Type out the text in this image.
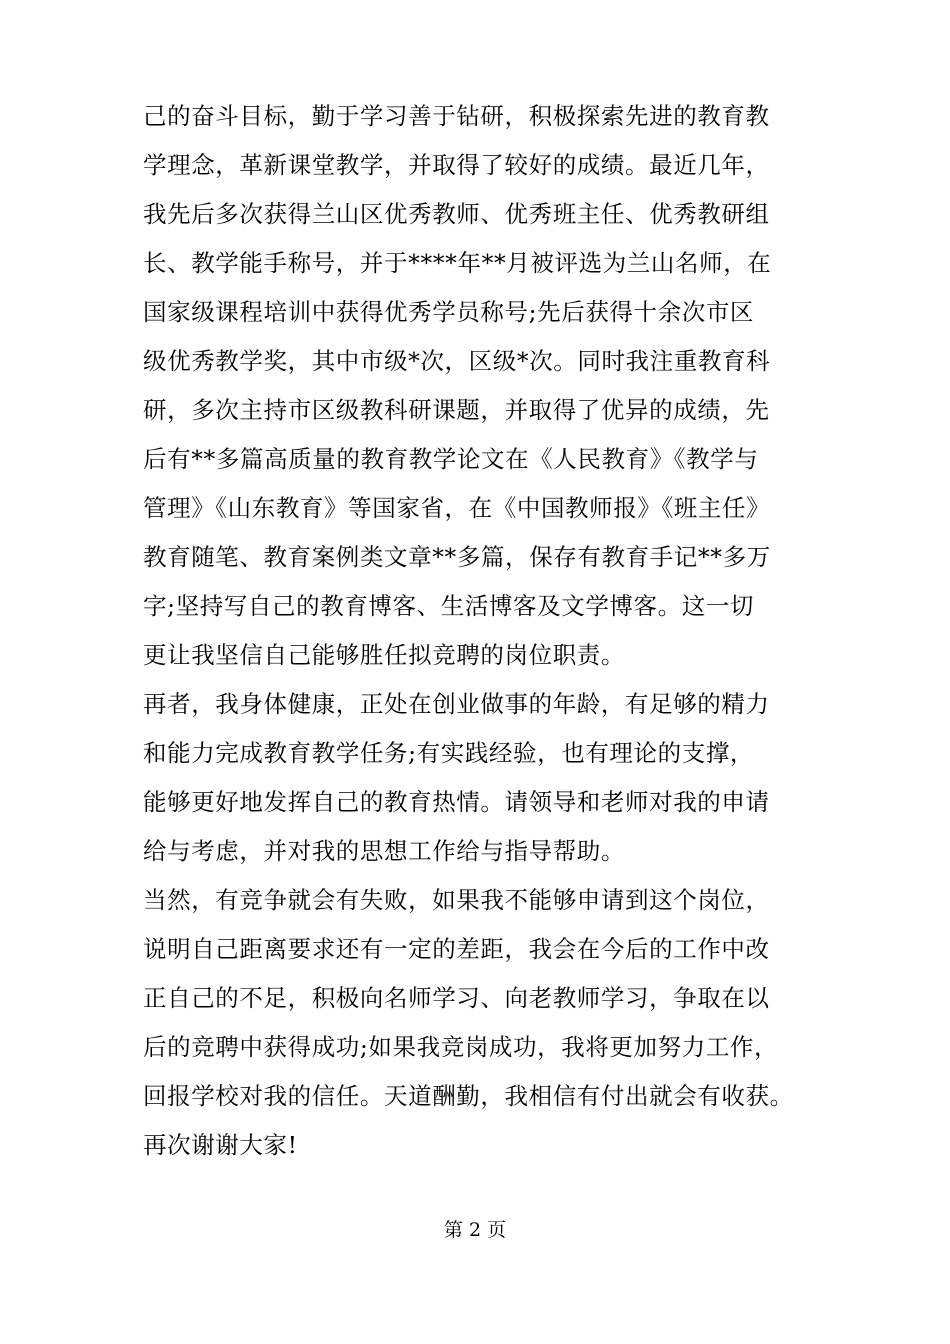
己的奋斗目标，勤于学习善于钻研，积极探索先进的教育教
学理念，革新课堂教学，并取得了较好的成绩。最近几年，
我先后多次获得兰山区优秀教师、优秀班主任、优秀教研组
长、教学能手称号，并于****年**月被评选为兰山名师，在
国家级课程培训中获得优秀学员称号;先后获得十余次市区
级优秀教学奖，其中市级*次，区级*次。同时我注重教育科
研，多次主持市区级教科研课题，并取得了优异的成绩，先
后有**多篇高质量的教育教学论文在《人民教育》《教学与
管理》《山东教育》等国家省，在《中国教师报》《班主任》
教育随笔、教育案例类文章**多篇，保存有教育手记**多万
字;坚持写自己的教育博客、生活博客及文学博客。这一切
更让我坚信自己能够胜任拟竞聘的岗位职责。
再者，我身体健康，正处在创业做事的年龄，有足够的精力
和能力完成教育教学任务;有实践经验，也有理论的支撑，
能够更好地发挥自己的教育热情。请领导和老师对我的申请
给与考虑，并对我的思想工作给与指导帮助。
当然，有竞争就会有失败，如果我不能够申请到这个岗位，
说明自己距离要求还有一定的差距，我会在今后的工作中改
正自己的不足，积极向名师学习、向老教师学习，争取在以
后的竞聘中获得成功;如果我竞岗成功，我将更加努力工作，
回报学校对我的信任。天道酬勤，我相信有付出就会有收获。
再次谢谢大家!
第 2 页
